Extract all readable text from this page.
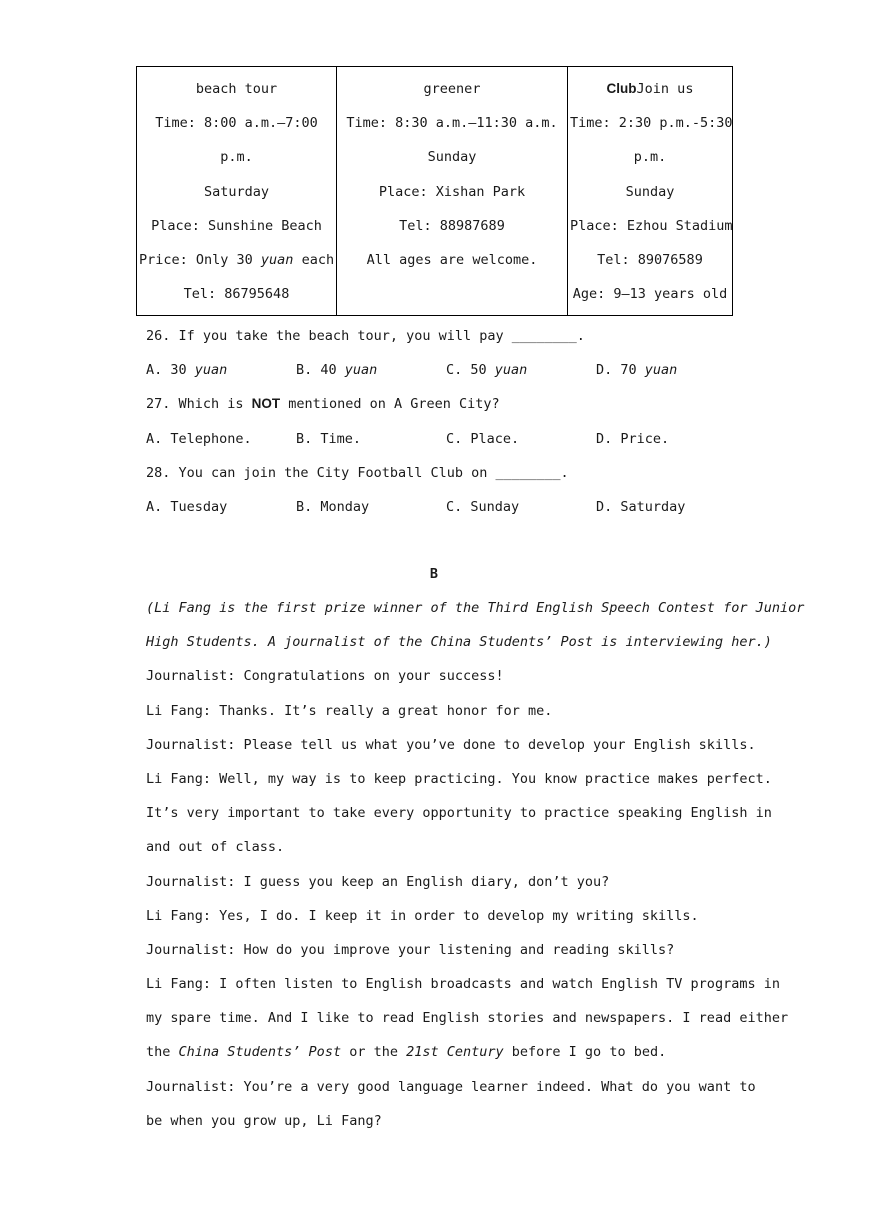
beach tour
Time: 8:00 a.m.—7:00
p.m.
Saturday
Place: Sunshine Beach
Price: Only 30 yuan each
Tel: 86795648

greener
Time: 8:30 a.m.—11:30 a.m.
Sunday
Place: Xishan Park
Tel: 88987689
All ages are welcome.

ClubJoin us
Time: 2:30 p.m.-5:30
p.m.
Sunday
Place: Ezhou Stadium
Tel: 89076589
Age: 9—13 years old
26. If you take the beach tour, you will pay ________.
A. 30 yuan	B. 40 yuan	C. 50 yuan	D. 70 yuan
27. Which is NOT mentioned on A Green City?
A. Telephone.	B. Time.	C. Place.	D. Price.
28. You can join the City Football Club on ________.
A. Tuesday	B. Monday	C. Sunday	D. Saturday
B
(Li Fang is the first prize winner of the Third English Speech Contest for Junior
High Students. A journalist of the China Students’ Post is interviewing her.)
Journalist: Congratulations on your success!
Li Fang: Thanks. It’s really a great honor for me.
Journalist: Please tell us what you’ve done to develop your English skills.
Li Fang: Well, my way is to keep practicing. You know practice makes perfect.
It’s very important to take every opportunity to practice speaking English in
and out of class.
Journalist: I guess you keep an English diary, don’t you?
Li Fang: Yes, I do. I keep it in order to develop my writing skills.
Journalist: How do you improve your listening and reading skills?
Li Fang: I often listen to English broadcasts and watch English TV programs in
my spare time. And I like to read English stories and newspapers. I read either
the China Students’ Post or the 21st Century before I go to bed.
Journalist: You’re a very good language learner indeed. What do you want to
be when you grow up, Li Fang?
